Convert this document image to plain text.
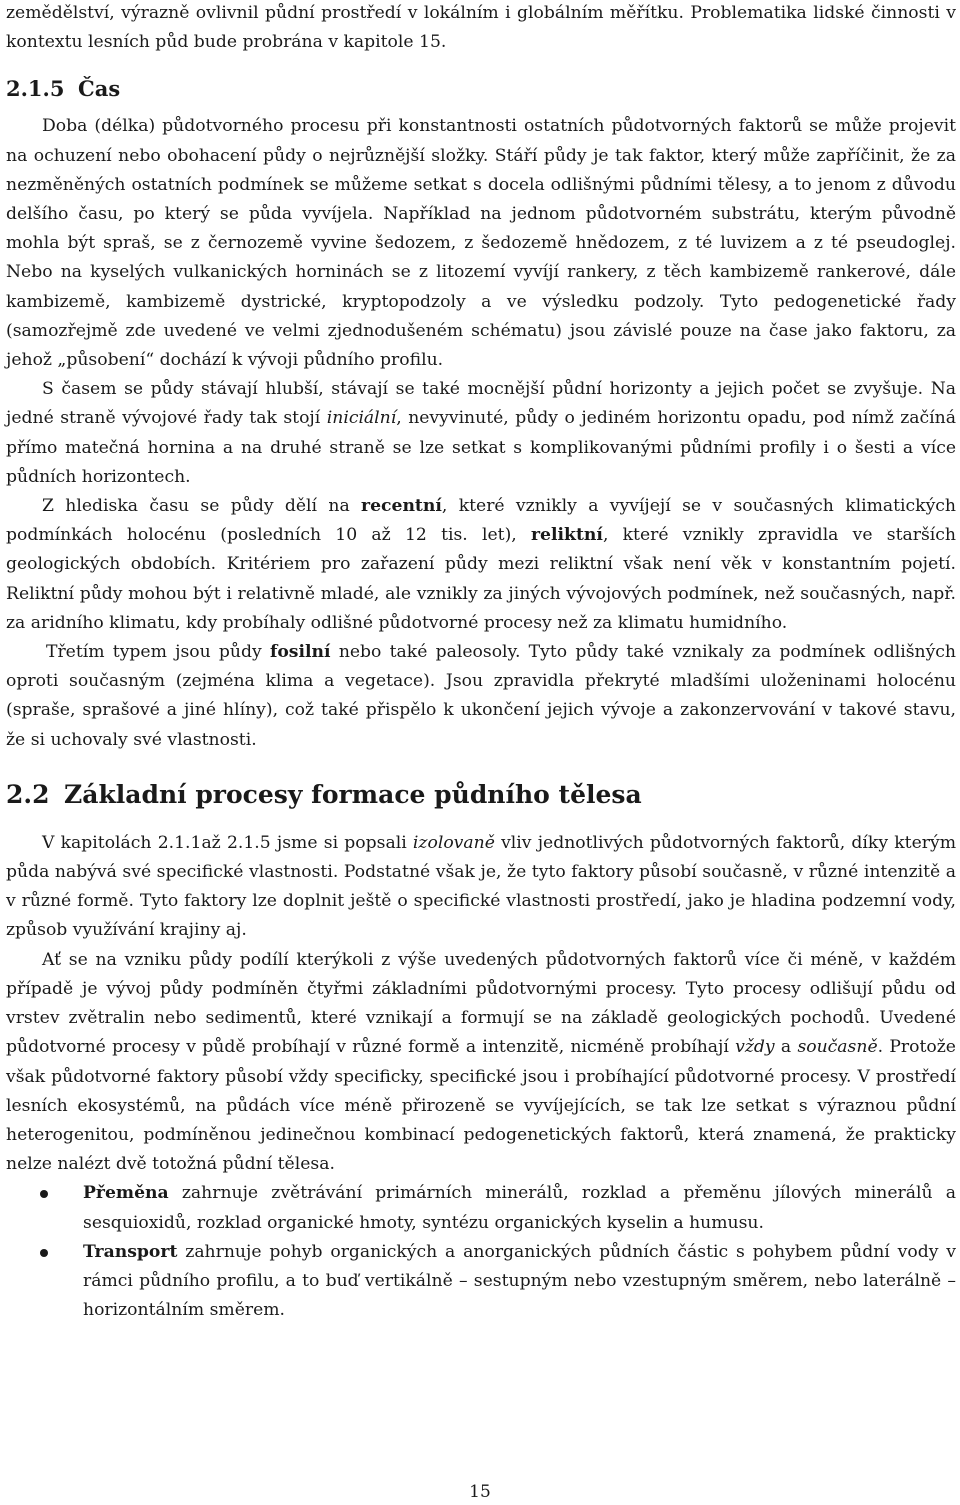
zemědělství, výrazně ovlivnil půdní prostředí v lokálním i globálním měřítku. Problematika lidské činnosti v kontextu lesních půd bude probrána v kapitole 15.

2.1.5 Čas

Doba (délka) půdotvorného procesu při konstantnosti ostatních půdotvorných faktorů se může projevit na ochuzení nebo obohacení půdy o nejrůznější složky. Stáří půdy je tak faktor, který může zapříčinit, že za nezměněných ostatních podmínek se můžeme setkat s docela odlišnými půdními tělesy, a to jenom z důvodu delšího času, po který se půda vyvíjela. Například na jednom půdotvorném substrátu, kterým původně mohla být spraš, se z černozemě vyvine šedozem, z šedozemě hnědozem, z té luvizem a z té pseudoglej. Nebo na kyselých vulkanických horninách se z litozemí vyvíjí rankery, z těch kambizemě rankerové, dále kambizemě, kambizemě dystrické, kryptopodzoly a ve výsledku podzoly. Tyto pedogenetické řady (samozřejmě zde uvedené ve velmi zjednodušeném schématu) jsou závislé pouze na čase jako faktoru, za jehož „působení“ dochází k vývoji půdního profilu.

S časem se půdy stávají hlubší, stávají se také mocnější půdní horizonty a jejich počet se zvyšuje. Na jedné straně vývojové řady tak stojí iniciální, nevyvinuté, půdy o jediném horizontu opadu, pod nímž začíná přímo matečná hornina a na druhé straně se lze setkat s komplikovanými půdními profily i o šesti a více půdních horizontech.

Z hlediska času se půdy dělí na recentní, které vznikly a vyvíjejí se v současných klimatických podmínkách holocénu (posledních 10 až 12 tis. let), reliktní, které vznikly zpravidla ve starších geologických obdobích. Kritériem pro zařazení půdy mezi reliktní však není věk v konstantním pojetí. Reliktní půdy mohou být i relativně mladé, ale vznikly za jiných vývojových podmínek, než současných, např. za aridního klimatu, kdy probíhaly odlišné půdotvorné procesy než za klimatu humidního.

Třetím typem jsou půdy fosilní nebo také paleosoly. Tyto půdy také vznikaly za podmínek odlišných oproti současným (zejména klima a vegetace). Jsou zpravidla překryté mladšími uloženinami holocénu (spraše, sprašové a jiné hlíny), což také přispělo k ukončení jejich vývoje a zakonzervování v takové stavu, že si uchovaly své vlastnosti.

2.2 Základní procesy formace půdního tělesa

V kapitolách 2.1.1až 2.1.5 jsme si popsali izolovaně vliv jednotlivých půdotvorných faktorů, díky kterým půda nabývá své specifické vlastnosti. Podstatné však je, že tyto faktory působí současně, v různé intenzitě a v různé formě. Tyto faktory lze doplnit ještě o specifické vlastnosti prostředí, jako je hladina podzemní vody, způsob využívání krajiny aj.

Ať se na vzniku půdy podílí kterýkoli z výše uvedených půdotvorných faktorů více či méně, v každém případě je vývoj půdy podmíněn čtyřmi základními půdotvornými procesy. Tyto procesy odlišují půdu od vrstev zvětralin nebo sedimentů, které vznikají a formují se na základě geologických pochodů. Uvedené půdotvorné procesy v půdě probíhají v různé formě a intenzitě, nicméně probíhají vždy a současně. Protože však půdotvorné faktory působí vždy specificky, specifické jsou i probíhající půdotvorné procesy. V prostředí lesních ekosystémů, na půdách více méně přirozeně se vyvíjejících, se tak lze setkat s výraznou půdní heterogenitou, podmíněnou jedinečnou kombinací pedogenetických faktorů, která znamená, že prakticky nelze nalézt dvě totožná půdní tělesa.

Přeměna zahrnuje zvětrávání primárních minerálů, rozklad a přeměnu jílových minerálů a sesquioxidů, rozklad organické hmoty, syntézu organických kyselin a humusu.
Transport zahrnuje pohyb organických a anorganických půdních částic s pohybem půdní vody v rámci půdního profilu, a to buď vertikálně – sestupným nebo vzestupným směrem, nebo laterálně – horizontálním směrem.
15
